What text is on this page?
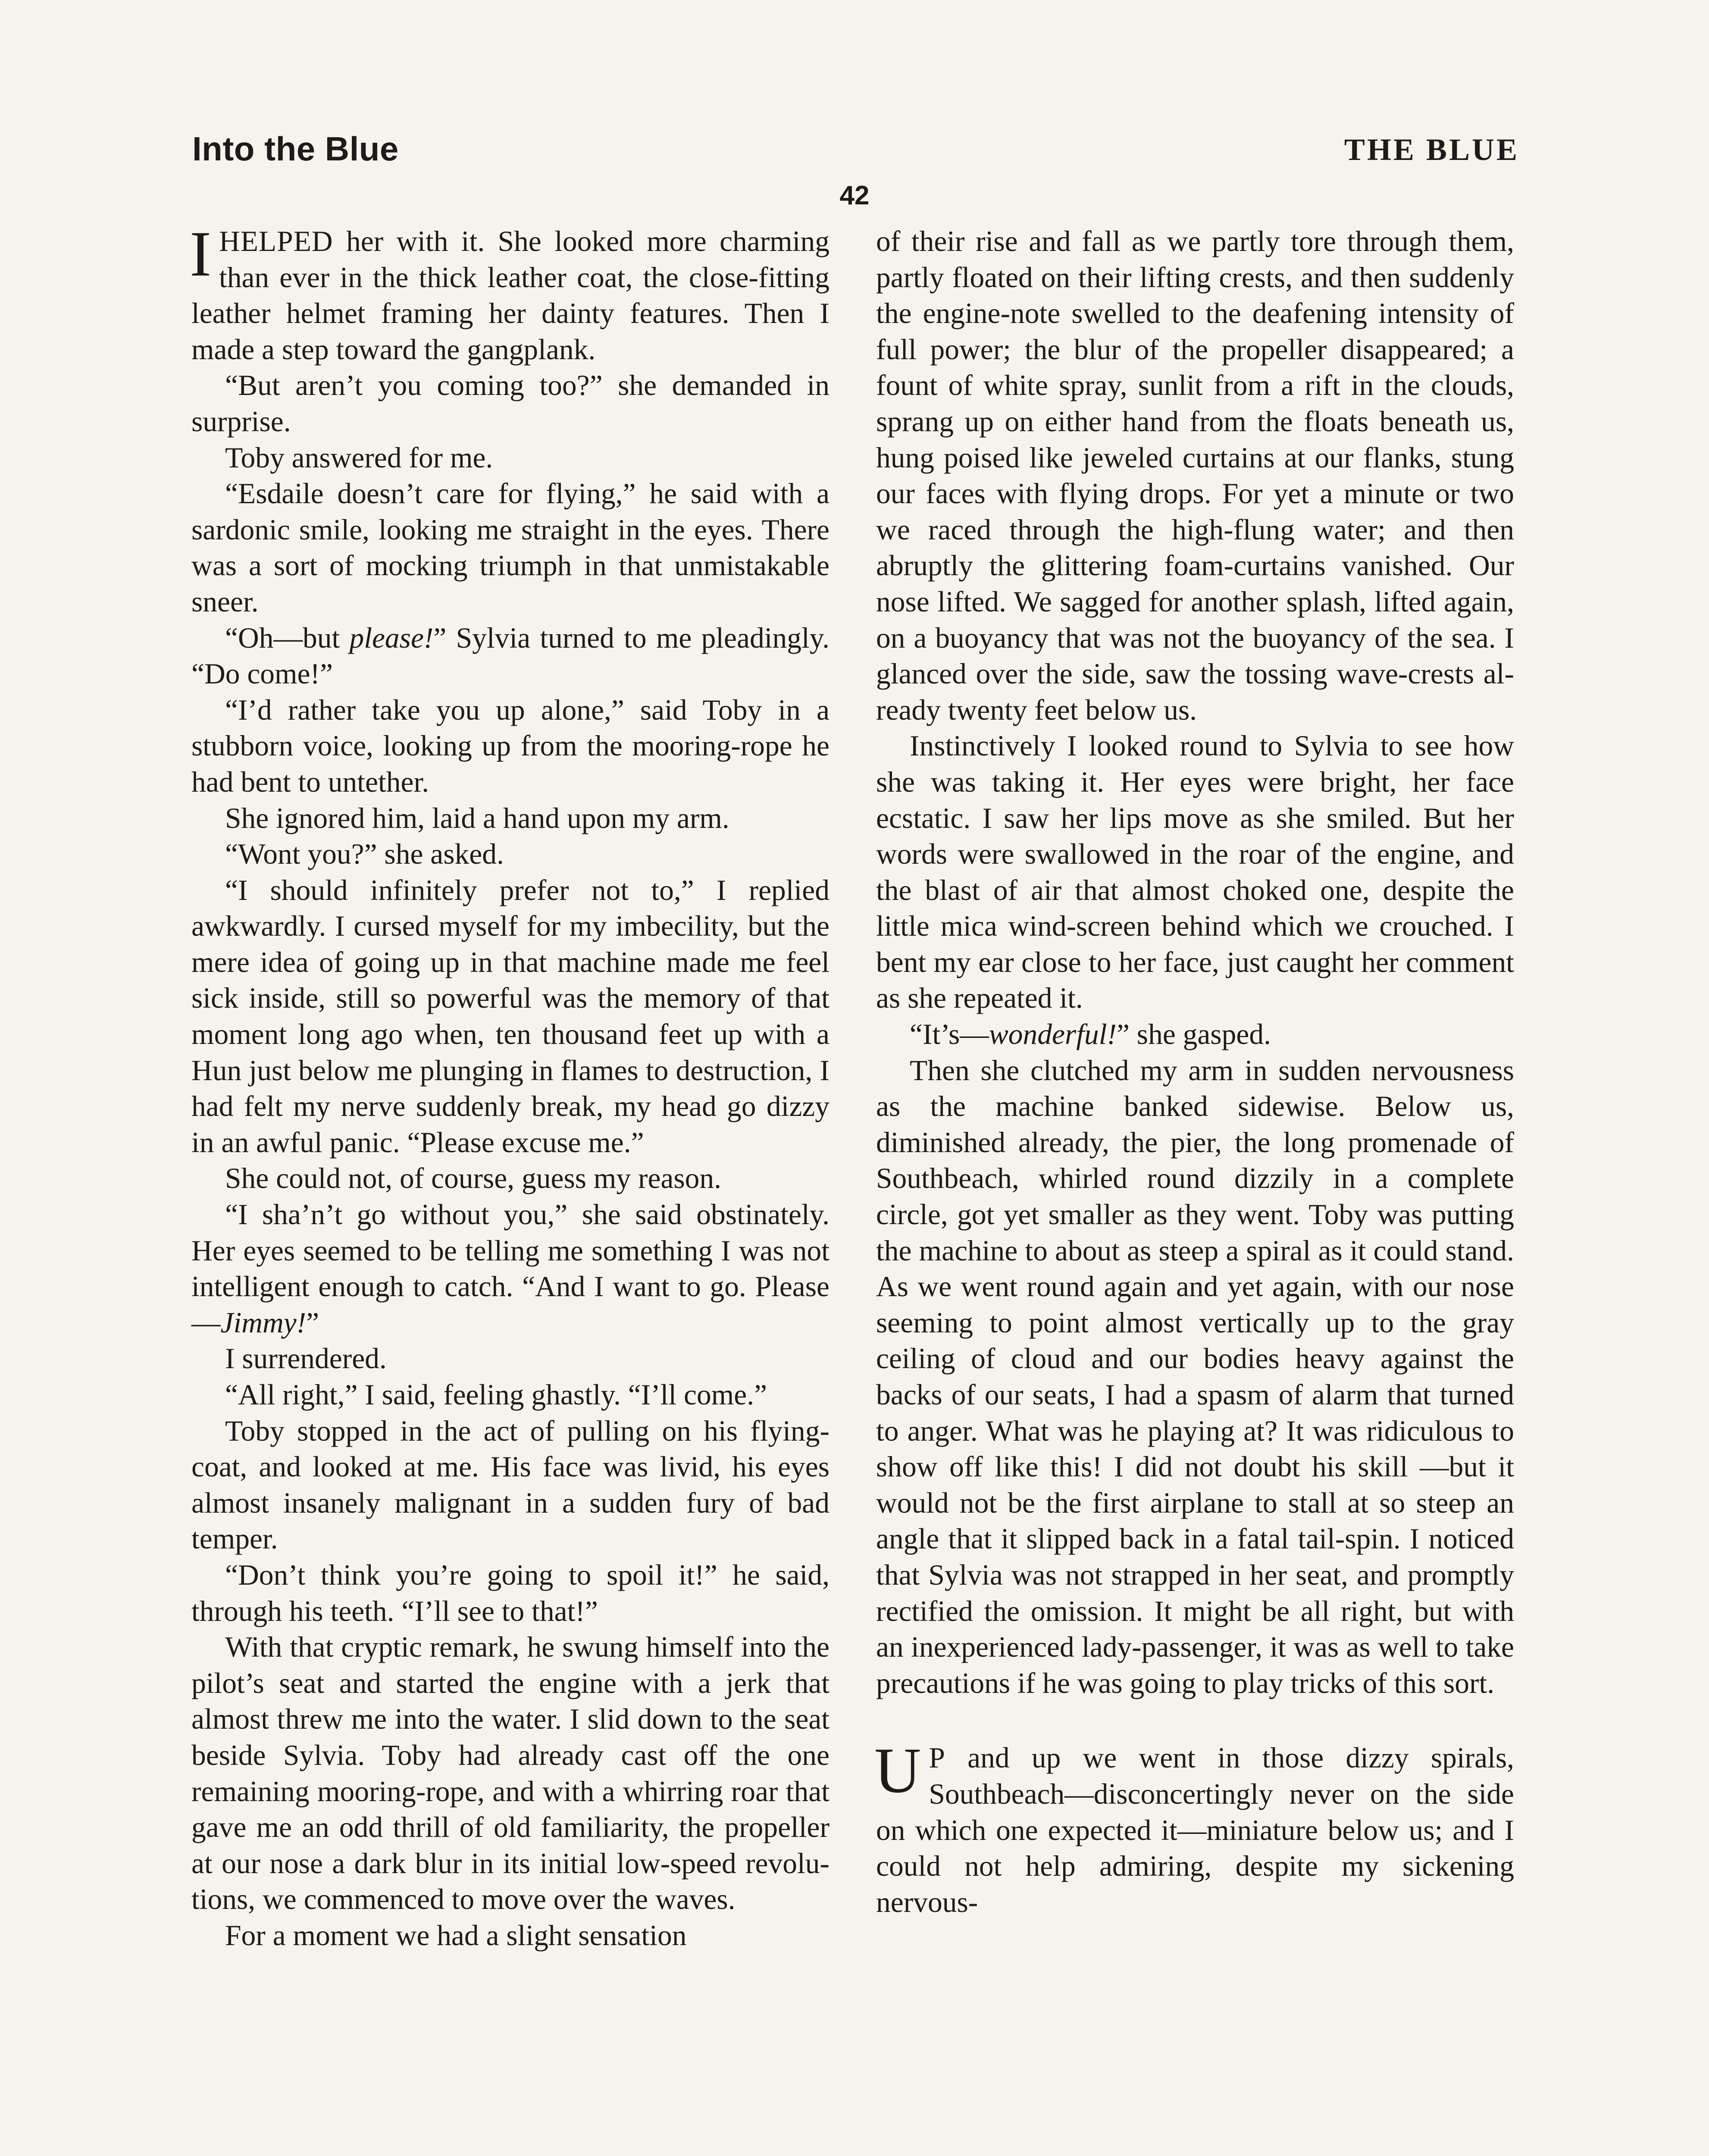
Into the Blue	THE BLUE
42

IHELPED her with it. She looked more charming than ever in the thick leather coat, the close-fitting leather helmet framing her dainty features. Then I made a step toward the gangplank.

“But aren’t you coming too?” she demanded in surprise.

Toby answered for me.

“Esdaile doesn’t care for flying,” he said with a sardonic smile, looking me straight in the eyes. There was a sort of mocking triumph in that unmistakable sneer.

“Oh—but please!” Sylvia turned to me pleadingly. “Do come!”

“I’d rather take you up alone,” said Toby in a stubborn voice, looking up from the mooring-rope he had bent to untether.

She ignored him, laid a hand upon my arm.

“Wont you?” she asked.

“I should infinitely prefer not to,” I replied awkwardly. I cursed myself for my imbecility, but the mere idea of going up in that machine made me feel sick inside, still so powerful was the memory of that moment long ago when, ten thousand feet up with a Hun just below me plunging in flames to destruction, I had felt my nerve suddenly break, my head go dizzy in an awful panic. “Please excuse me.”

She could not, of course, guess my reason.

“I sha’n’t go without you,” she said obstinately. Her eyes seemed to be telling me something I was not intelligent enough to catch. “And I want to go. Please—Jimmy!”

I surrendered.

“All right,” I said, feeling ghastly. “I’ll come.”

Toby stopped in the act of pulling on his flying-coat, and looked at me. His face was livid, his eyes almost insanely malignant in a sudden fury of bad temper.

“Don’t think you’re going to spoil it!” he said, through his teeth. “I’ll see to that!”

With that cryptic remark, he swung himself into the pilot’s seat and started the engine with a jerk that almost threw me into the water. I slid down to the seat beside Sylvia. Toby had already cast off the one remaining mooring-rope, and with a whirring roar that gave me an odd thrill of old familiarity, the propeller at our nose a dark blur in its initial low-speed revolutions, we commenced to move over the waves.

For a moment we had a slight sensation

of their rise and fall as we partly tore through them, partly floated on their lifting crests, and then suddenly the engine-note swelled to the deafening intensity of full power; the blur of the propeller disappeared; a fount of white spray, sunlit from a rift in the clouds, sprang up on either hand from the floats beneath us, hung poised like jeweled curtains at our flanks, stung our faces with flying drops. For yet a minute or two we raced through the high-flung water; and then abruptly the glittering foam-curtains vanished. Our nose lifted. We sagged for another splash, lifted again, on a buoyancy that was not the buoyancy of the sea. I glanced over the side, saw the tossing wave-crests already twenty feet below us.

Instinctively I looked round to Sylvia to see how she was taking it. Her eyes were bright, her face ecstatic. I saw her lips move as she smiled. But her words were swallowed in the roar of the engine, and the blast of air that almost choked one, despite the little mica wind-screen behind which we crouched. I bent my ear close to her face, just caught her comment as she repeated it.

“It’s—wonderful!” she gasped.

Then she clutched my arm in sudden nervousness as the machine banked sidewise. Below us, diminished already, the pier, the long promenade of Southbeach, whirled round dizzily in a complete circle, got yet smaller as they went. Toby was putting the machine to about as steep a spiral as it could stand. As we went round again and yet again, with our nose seeming to point almost vertically up to the gray ceiling of cloud and our bodies heavy against the backs of our seats, I had a spasm of alarm that turned to anger. What was he playing at? It was ridiculous to show off like this! I did not doubt his skill —but it would not be the first airplane to stall at so steep an angle that it slipped back in a fatal tail-spin. I noticed that Sylvia was not strapped in her seat, and promptly rectified the omission. It might be all right, but with an inexperienced lady-passenger, it was as well to take precautions if he was going to play tricks of this sort.

U P and up we went in those dizzy spirals, Southbeach—disconcertingly never on the side on which one expected it—miniature below us; and I could not help admiring, despite my sickening nervous-
